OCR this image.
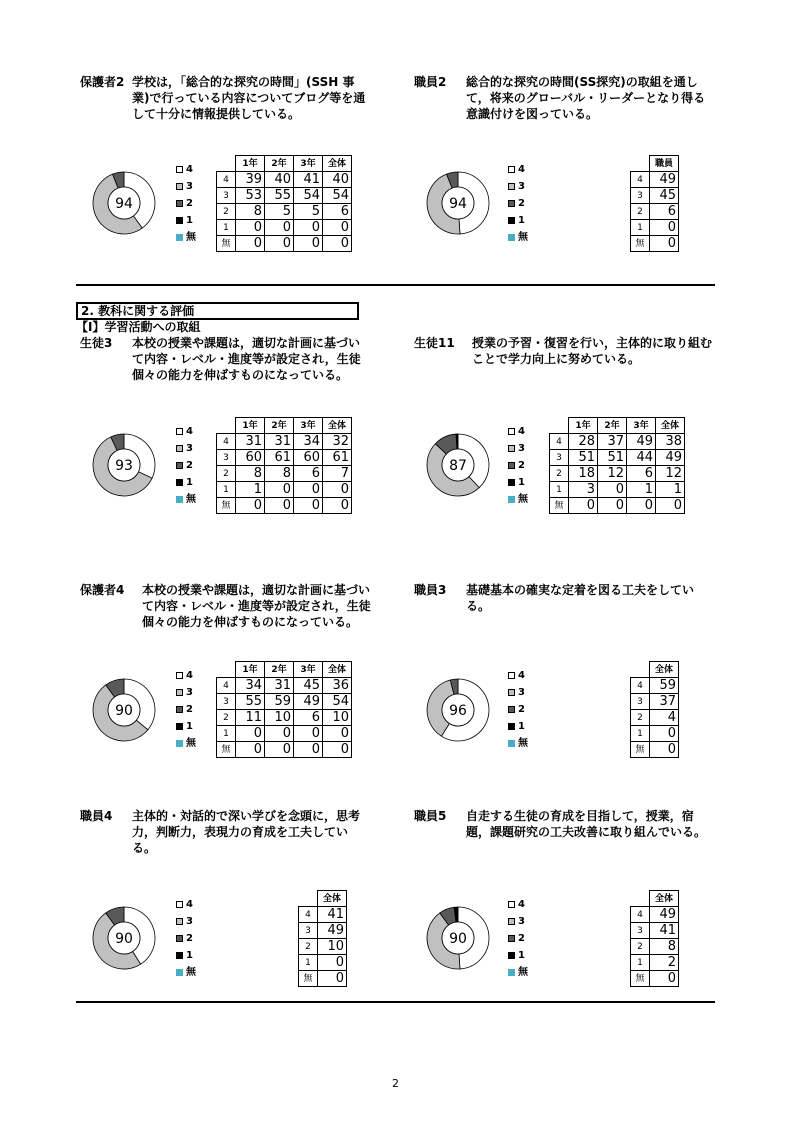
保護者2 学校は，「総合的な探究の時間」(SSH 事業)で行っている内容についてブログ等を通して十分に情報提供している。
94
4
3
2
1
無
	1年	2年	3年	全体
4	39	40	41	40
3	53	55	54	54
2	8	5	5	6
1	0	0	0	0
無	0	0	0	0
職員2 総合的な探究の時間(SS探究)の取組を通して，将来のグローバル・リーダーとなり得る意識付けを図っている。
94
4
3
2
1
無
	職員
4	49
3	45
2	6
1	0
無	0
生徒3 本校の授業や課題は，適切な計画に基づいて内容・レベル・進度等が設定され，生徒個々の能力を伸ばすものになっている。
93
4
3
2
1
無
	1年	2年	3年	全体
4	31	31	34	32
3	60	61	60	61
2	8	8	6	7
1	1	0	0	0
無	0	0	0	0
生徒11 授業の予習・復習を行い，主体的に取り組むことで学力向上に努めている。
87
4
3
2
1
無
	1年	2年	3年	全体
4	28	37	49	38
3	51	51	44	49
2	18	12	6	12
1	3	0	1	1
無	0	0	0	0
保護者4 本校の授業や課題は，適切な計画に基づいて内容・レベル・進度等が設定され，生徒個々の能力を伸ばすものになっている。
90
4
3
2
1
無
	1年	2年	3年	全体
4	34	31	45	36
3	55	59	49	54
2	11	10	6	10
1	0	0	0	0
無	0	0	0	0
職員3 基礎基本の確実な定着を図る工夫をしている。
96
4
3
2
1
無
	全体
4	59
3	37
2	4
1	0
無	0
職員4 主体的・対話的で深い学びを念頭に，思考力，判断力，表現力の育成を工夫している。
90
4
3
2
1
無
	全体
4	41
3	49
2	10
1	0
無	0
職員5 自走する生徒の育成を目指して，授業，宿題，課題研究の工夫改善に取り組んでいる。
90
4
3
2
1
無
	全体
4	49
3	41
2	8
1	2
無	0
2. 教科に関する評価
【Ⅰ】学習活動への取組
2
